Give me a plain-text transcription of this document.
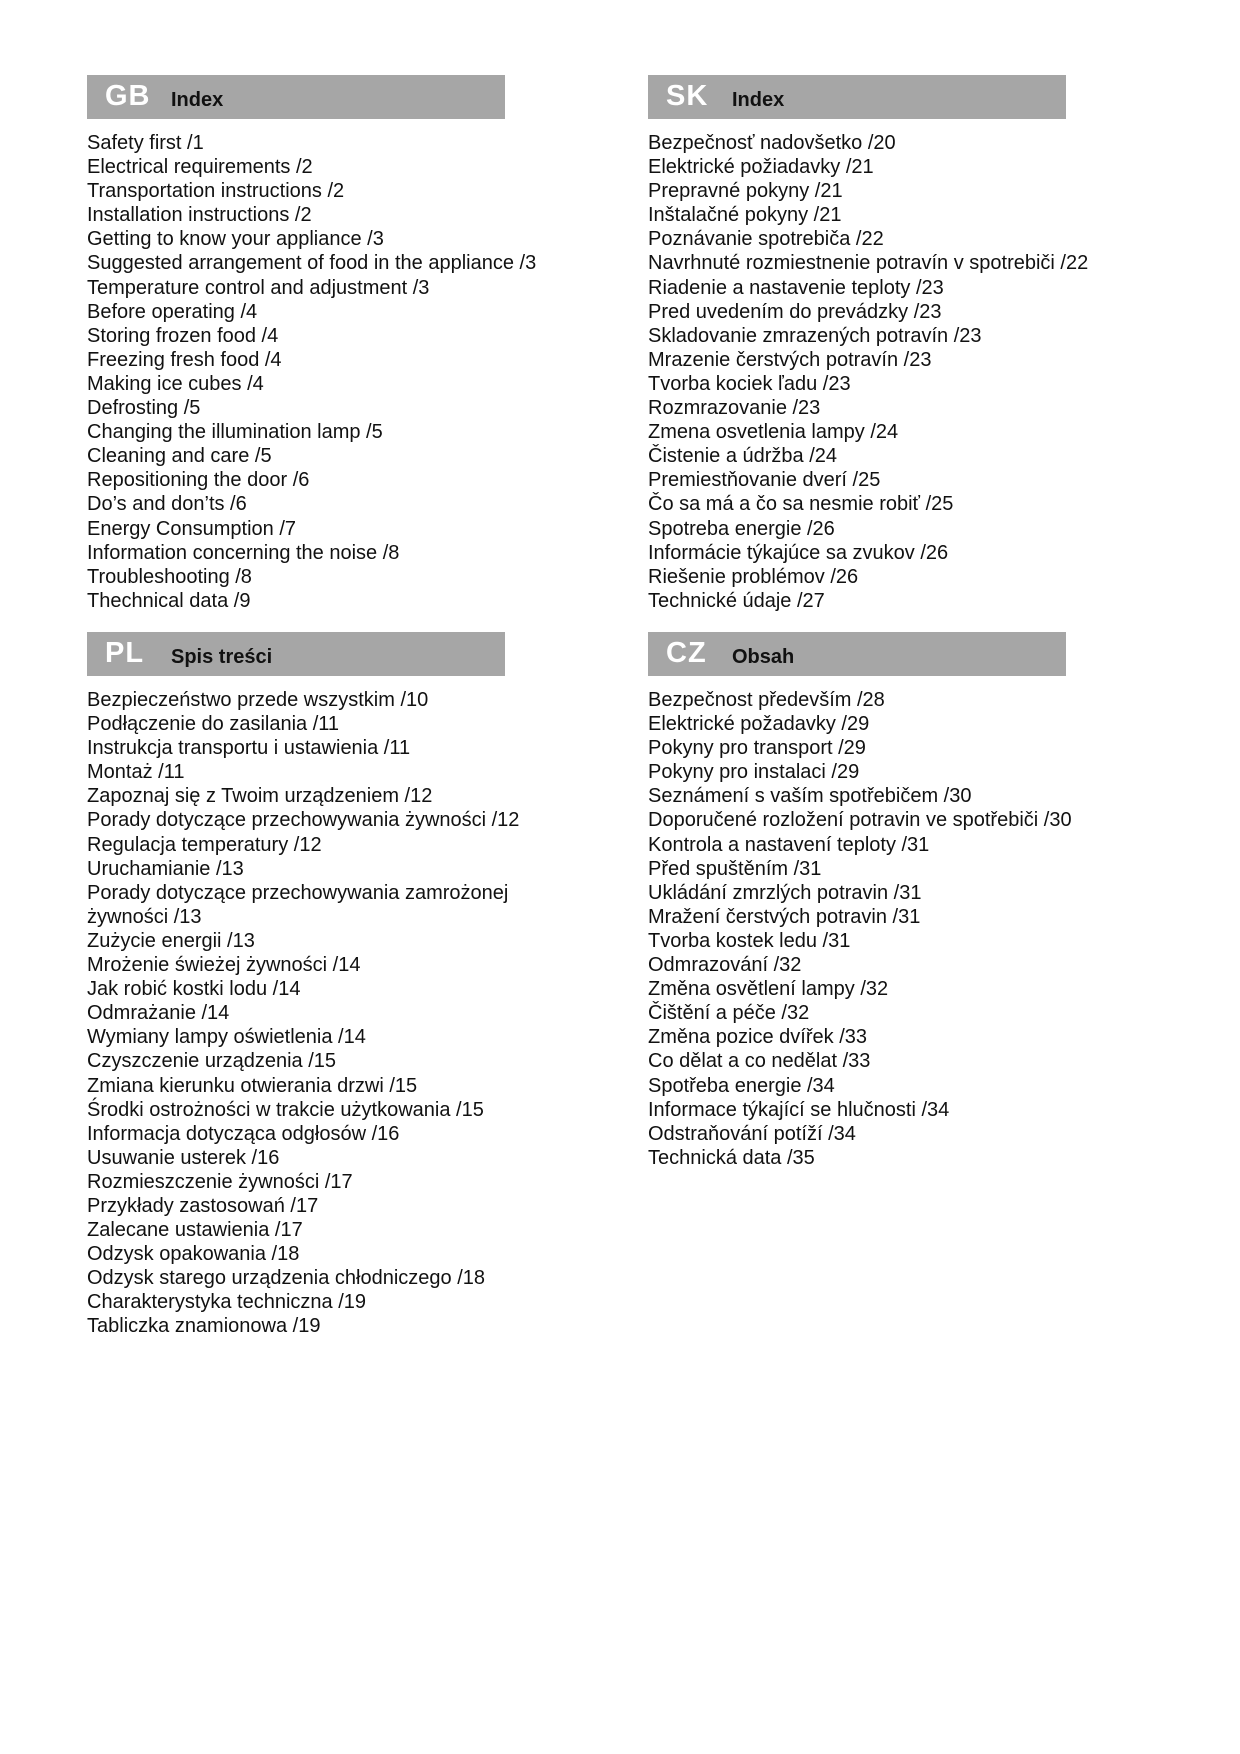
GB Index
Safety first /1
Electrical requirements /2
Transportation instructions /2
Installation instructions /2
Getting to know your appliance /3
Suggested arrangement of food in the appliance /3
Temperature control and adjustment /3
Before operating /4
Storing frozen food /4
Freezing fresh food /4
Making ice cubes /4
Defrosting /5
Changing the illumination lamp /5
Cleaning and care /5
Repositioning the door /6
Do’s and don’ts /6
Energy Consumption /7
Information concerning the noise /8
Troubleshooting /8
Thechnical data /9
SK Index
Bezpečnosť nadovšetko /20
Elektrické požiadavky /21
Prepravné pokyny /21
Inštalačné pokyny /21
Poznávanie spotrebiča /22
Navrhnuté rozmiestnenie potravín v spotrebiči /22
Riadenie a nastavenie teploty /23
Pred uvedením do prevádzky /23
Skladovanie zmrazených potravín /23
Mrazenie čerstvých potravín /23
Tvorba kociek ľadu /23
Rozmrazovanie /23
Zmena osvetlenia lampy /24
Čistenie a údržba /24
Premiestňovanie dverí /25
Čo sa má a čo sa nesmie robiť /25
Spotreba energie /26
Informácie týkajúce sa zvukov /26
Riešenie problémov /26
Technické údaje /27
PL Spis treści
Bezpieczeństwo przede wszystkim /10
Podłączenie do zasilania /11
Instrukcja transportu i ustawienia /11
Montaż /11
Zapoznaj się z Twoim urządzeniem /12
Porady dotyczące przechowywania żywności /12
Regulacja temperatury /12
Uruchamianie /13
Porady dotyczące przechowywania zamrożonej
żywności /13
Zużycie energii /13
Mrożenie świeżej żywności /14
Jak robić kostki lodu /14
Odmrażanie /14
Wymiany lampy oświetlenia /14
Czyszczenie urządzenia /15
Zmiana kierunku otwierania drzwi /15
Środki ostrożności w trakcie użytkowania /15
Informacja dotycząca odgłosów /16
Usuwanie usterek /16
Rozmieszczenie żywności /17
Przykłady zastosowań /17
Zalecane ustawienia /17
Odzysk opakowania /18
Odzysk starego urządzenia chłodniczego /18
Charakterystyka techniczna /19
Tabliczka znamionowa /19
CZ Obsah
Bezpečnost především /28
Elektrické požadavky /29
Pokyny pro transport /29
Pokyny pro instalaci /29
Seznámení s vaším spotřebičem /30
Doporučené rozložení potravin ve spotřebiči /30
Kontrola a nastavení teploty /31
Před spuštěním /31
Ukládání zmrzlých potravin /31
Mražení čerstvých potravin /31
Tvorba kostek ledu /31
Odmrazování /32
Změna osvětlení lampy /32
Čištění a péče /32
Změna pozice dvířek /33
Co dělat a co nedělat /33
Spotřeba energie /34
Informace týkající se hlučnosti /34
Odstraňování potíží /34
Technická data /35
